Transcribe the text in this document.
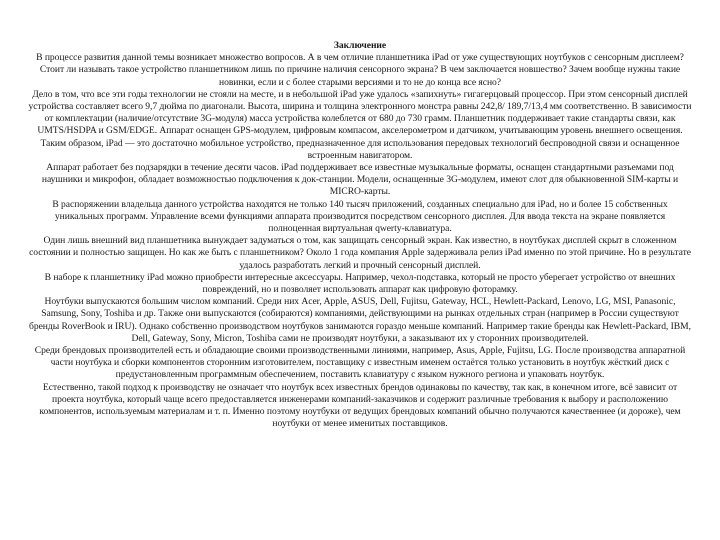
Заключение

В процессе развития данной темы возникает множество вопросов. А в чем отличие планшетника iPad от уже существующих ноутбуков с сенсорным дисплеем? Стоит ли называть такое устройство планшетником лишь по причине наличия сенсорного экрана? В чем заключается новшество? Зачем вообще нужны такие новинки, если и с более старыми версиями и то не до конца все ясно?

Дело в том, что все эти годы технологии не стояли на месте, и в небольшой iPad уже удалось «запихнуть» гигагерцовый процессор. При этом сенсорный дисплей устройства составляет всего 9,7 дюйма по диагонали. Высота, ширина и толщина электронного монстра равны 242,8/ 189,7/13,4 мм соответственно. В зависимости от комплектации (наличие/отсутствие 3G-модуля) масса устройства колеблется от 680 до 730 грамм. Планшетник поддерживает такие стандарты связи, как UMTS/HSDPA и GSM/EDGE. Аппарат оснащен GPS-модулем, цифровым компасом, акселерометром и датчиком, учитывающим уровень внешнего освещения.

Таким образом, iPad — это достаточно мобильное устройство, предназначенное для использования передовых технологий беспроводной связи и оснащенное встроенным навигатором.

Аппарат работает без подзарядки в течение десяти часов. iPad поддерживает все известные музыкальные форматы, оснащен стандартными разъемами под наушники и микрофон, обладает возможностью подключения к док-станции. Модели, оснащенные 3G-модулем, имеют слот для обыкновенной SIM-карты и MICRO-карты.

В распоряжении владельца данного устройства находятся не только 140 тысяч приложений, созданных специально для iPad, но и более 15 собственных уникальных программ. Управление всеми функциями аппарата производится посредством сенсорного дисплея. Для ввода текста на экране появляется полноценная виртуальная qwerty-клавиатура.

Один лишь внешний вид планшетника вынуждает задуматься о том, как защищать сенсорный экран. Как известно, в ноутбуках дисплей скрыт в сложенном состоянии и полностью защищен. Но как же быть с планшетником? Около 1 года компания Apple задерживала релиз iPad именно по этой причине. Но в результате удалось разработать легкий и прочный сенсорный дисплей.

В наборе к планшетнику iPad можно приобрести интересные аксессуары. Например, чехол-подставка, который не просто уберегает устройство от внешних повреждений, но и позволяет использовать аппарат как цифровую фоторамку.

Ноутбуки выпускаются большим числом компаний. Среди них Acer, Apple, ASUS, Dell, Fujitsu, Gateway, HCL, Hewlett-Packard, Lenovo, LG, MSI, Panasonic, Samsung, Sony, Toshiba и др. Также они выпускаются (собираются) компаниями, действующими на рынках отдельных стран (например в России существуют бренды RoverBook и IRU). Однако собственно производством ноутбуков занимаются гораздо меньше компаний. Например такие бренды как Hewlett-Packard, IBM, Dell, Gateway, Sony, Micron, Toshiba сами не производят ноутбуки, а заказывают их у сторонних производителей.

Среди брендовых производителей есть и обладающие своими производственными линиями, например, Asus, Apple, Fujitsu, LG. После производства аппаратной части ноутбука и сборки компонентов сторонним изготовителем, поставщику с известным именем остаётся только установить в ноутбук жёсткий диск с предустановленным программным обеспечением, поставить клавиатуру с языком нужного региона и упаковать ноутбук.

Естественно, такой подход к производству не означает что ноутбук всех известных брендов одинаковы по качеству, так как, в конечном итоге, всё зависит от проекта ноутбука, который чаще всего предоставляется инженерами компаний-заказчиков и содержит различные требования к выбору и расположению компонентов, используемым материалам и т. п. Именно поэтому ноутбуки от ведущих брендовых компаний обычно получаются качественнее (и дороже), чем ноутбуки от менее именитых поставщиков.
